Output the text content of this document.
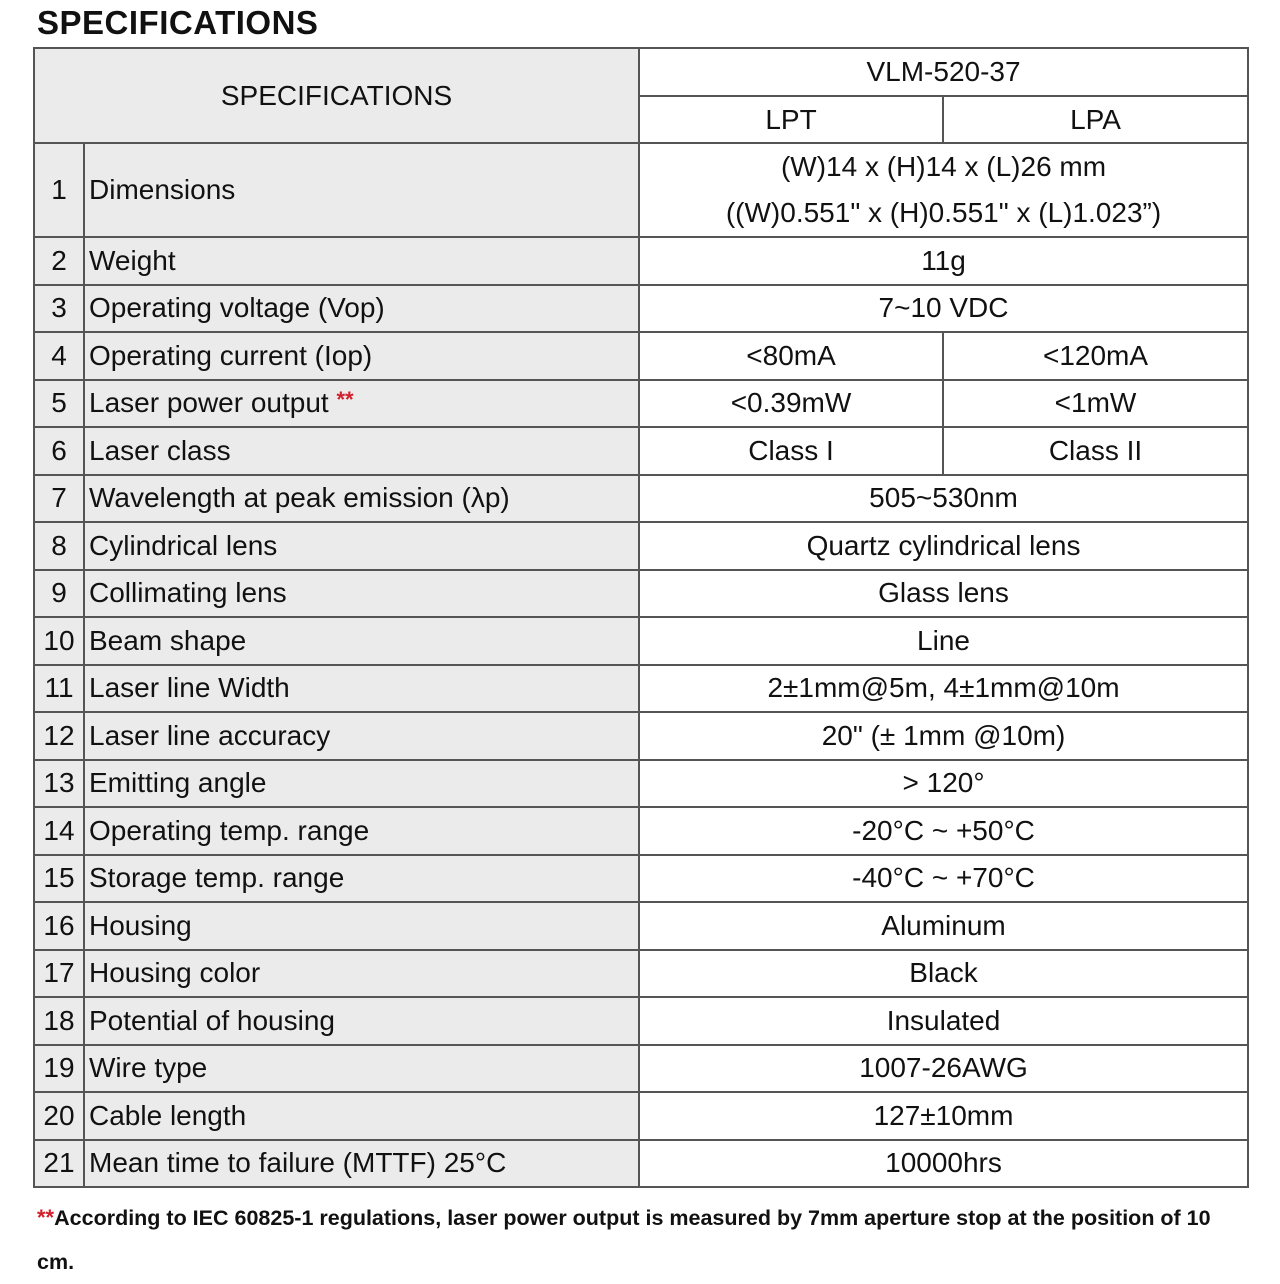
SPECIFICATIONS
SPECIFICATIONS		VLM-520-37	
		LPT	LPA
1	Dimensions	(W)14 x (H)14 x (L)26 mm
((W)0.551" x (H)0.551" x (L)1.023”)	

2	Weight	11g	
3	Operating voltage (Vop)	7~10 VDC	
4	Operating current (Iop)	<80mA	<120mA
5	Laser power output **	<0.39mW	<1mW
6	Laser class	Class I	Class II
7	Wavelength at peak emission (λp)	505~530nm	
8	Cylindrical lens	Quartz cylindrical lens	
9	Collimating lens	Glass lens	
10	Beam shape	Line	
11	Laser line Width	2±1mm@5m, 4±1mm@10m	
12	Laser line accuracy	20" (± 1mm @10m)	
13	Emitting angle	> 120°	
14	Operating temp. range	-20°C ~ +50°C	
15	Storage temp. range	-40°C ~ +70°C	
16	Housing	Aluminum	
17	Housing color	Black	
18	Potential of housing	Insulated	
19	Wire type	1007-26AWG	
20	Cable length	127±10mm	
21	Mean time to failure (MTTF) 25°C	10000hrs	
**According to IEC 60825-1 regulations, laser power output is measured by 7mm aperture stop at the position of 10 cm.
